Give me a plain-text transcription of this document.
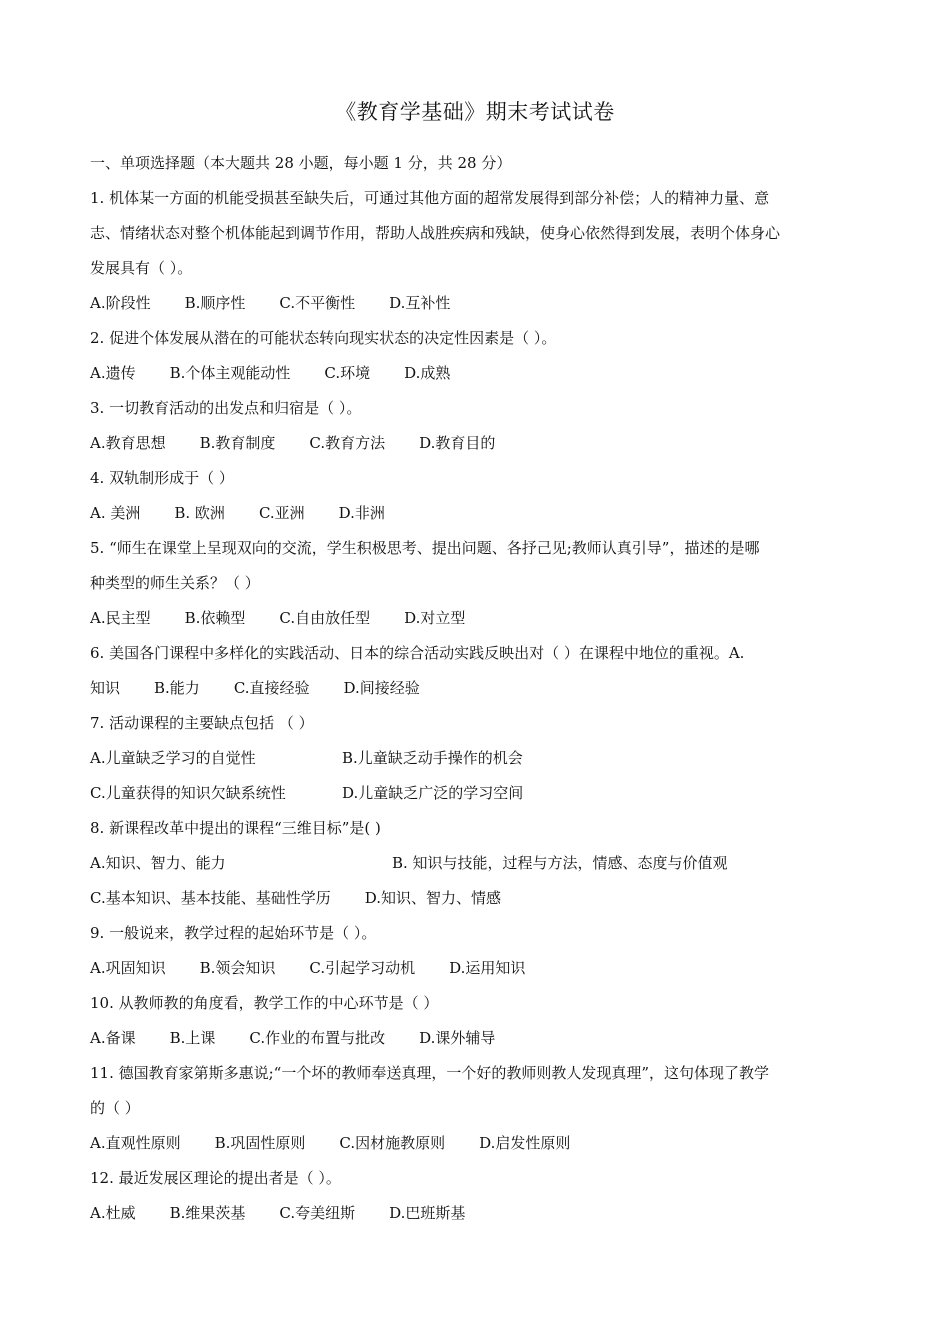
《教育学基础》期末考试试卷
一、单项选择题（本大题共 28 小题，每小题 1 分，共 28 分）
1. 机体某一方面的机能受损甚至缺失后，可通过其他方面的超常发展得到部分补偿；人的精神力量、意
志、情绪状态对整个机体能起到调节作用，帮助人战胜疾病和残缺，使身心依然得到发展，表明个体身心
发展具有（ ）。
A.阶段性 B.顺序性 C.不平衡性 D.互补性
2. 促进个体发展从潜在的可能状态转向现实状态的决定性因素是（ ）。
A.遗传 B.个体主观能动性 C.环境 D.成熟
3. 一切教育活动的出发点和归宿是（ ）。
A.教育思想 B.教育制度 C.教育方法 D.教育目的
4. 双轨制形成于（ ）
A. 美洲 B. 欧洲 C.亚洲 D.非洲
5. “师生在课堂上呈现双向的交流，学生积极思考、提出问题、各抒己见;教师认真引导”，描述的是哪
种类型的师生关系？（ ）
A.民主型 B.依赖型 C.自由放任型 D.对立型
6. 美国各门课程中多样化的实践活动、日本的综合活动实践反映出对（ ）在课程中地位的重视。A.
知识 B.能力 C.直接经验 D.间接经验
7. 活动课程的主要缺点包括 （ ）
A.儿童缺乏学习的自觉性	B.儿童缺乏动手操作的机会
C.儿童获得的知识欠缺系统性	D.儿童缺乏广泛的学习空间
8. 新课程改革中提出的课程“三维目标”是( )
A.知识、智力、能力	B. 知识与技能，过程与方法，情感、态度与价值观
C.基本知识、基本技能、基础性学历 D.知识、智力、情感
9. 一般说来，教学过程的起始环节是（ ）。
A.巩固知识 B.领会知识 C.引起学习动机 D.运用知识
10. 从教师教的角度看，教学工作的中心环节是（ ）
A.备课 B.上课 C.作业的布置与批改 D.课外辅导
11. 德国教育家第斯多惠说;“一个坏的教师奉送真理，一个好的教师则教人发现真理”，这句体现了教学
的（ ）
A.直观性原则 B.巩固性原则 C.因材施教原则 D.启发性原则
12. 最近发展区理论的提出者是（ ）。
A.杜威 B.维果茨基 C.夸美纽斯 D.巴班斯基
